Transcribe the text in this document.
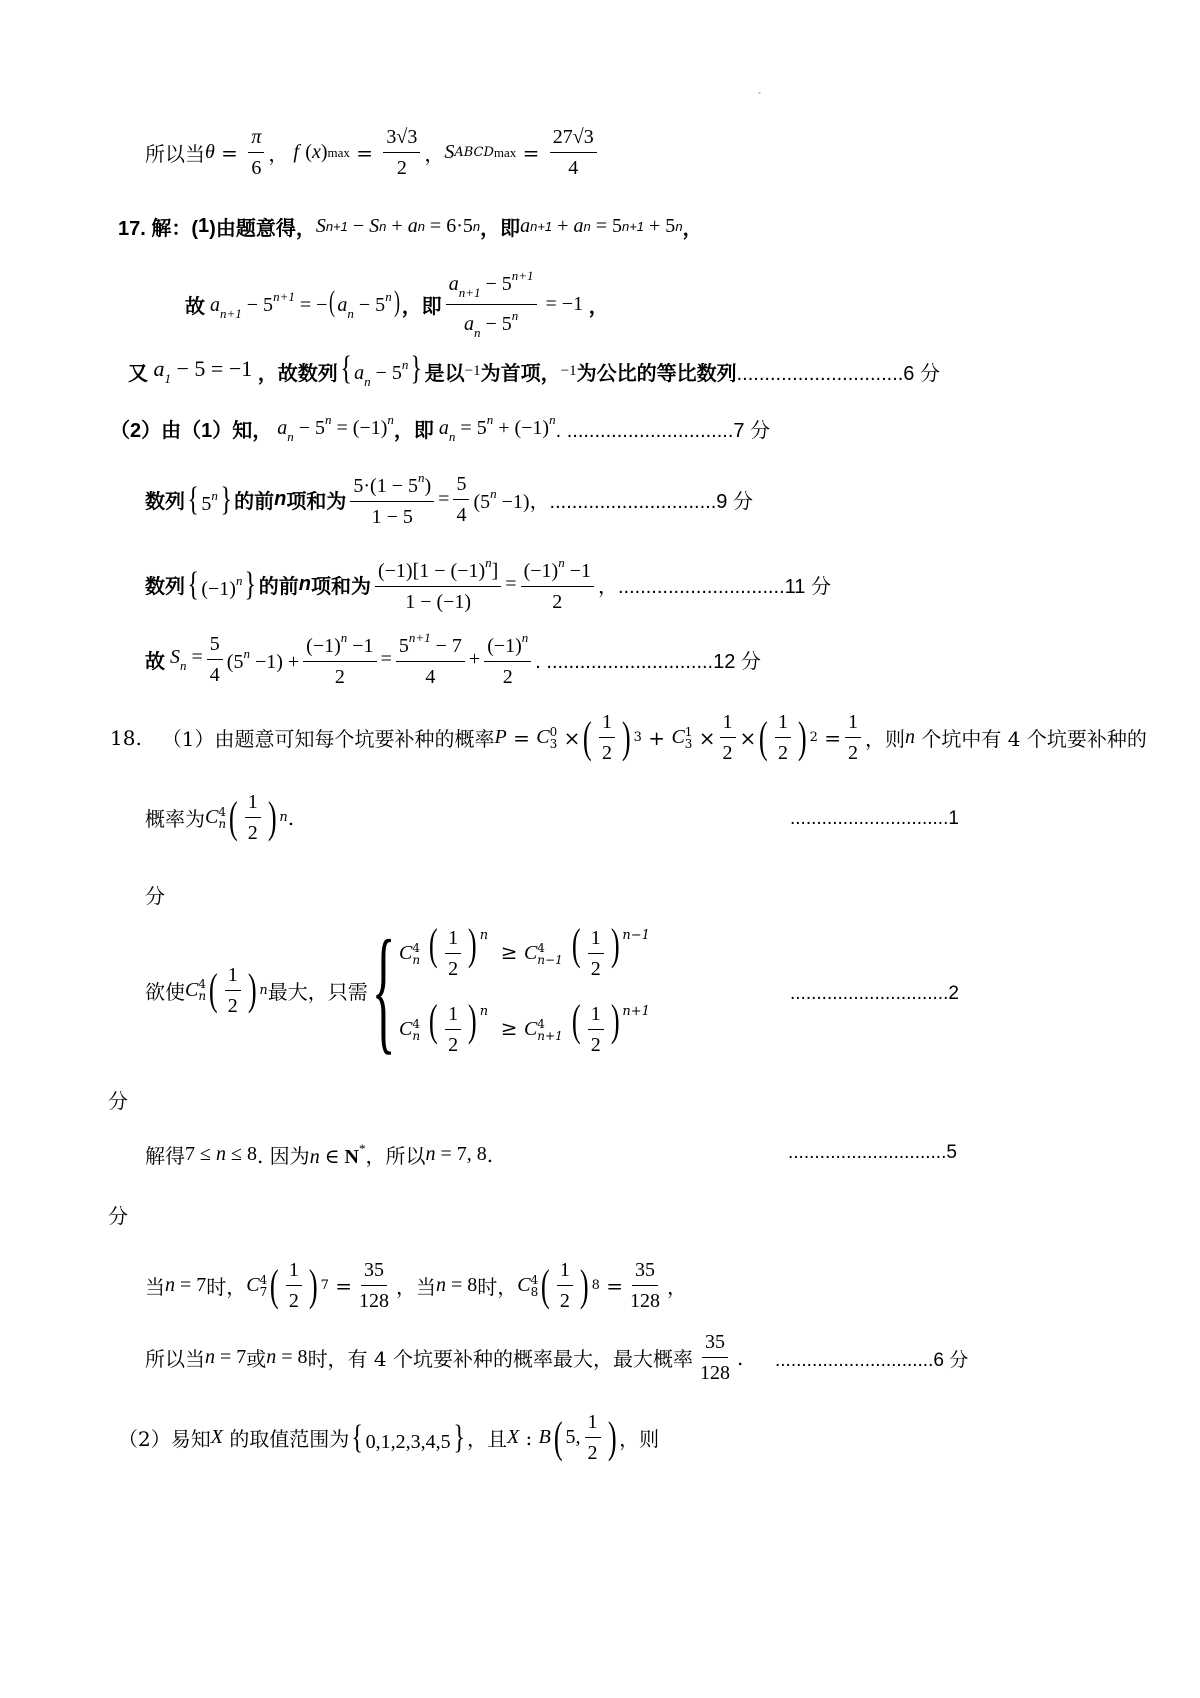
°
所以当 $\theta = \frac{\pi}{6}$ ， f
( x ) $\max = \frac{3√3}{2}$ ， S ABCD $\max = \frac{27√3}{4}$
17. 解：( 1 )由题意得， S n+1 − S n + a n = 6·5 n ，即 a n+1 + a n = 5 n+1 + 5 n ，
故 $a_{n+1} - 5^{n+1}$ = −( $a_n - 5^n$) ，即 $\frac{a_{n+1} - 5^{n+1}}{a_n - 5^n} = -1$ ，
又 $a_1 - 5 = -1$ ，故数列 { $a_n - 5^n$} 是以 −1 为首项， −1 为公比的等比数列 ..............................6 分
（2）由（1）知， $a_n - 5^n = (-1)^n$
，即 $a_n = 5^n + (-1)^n$
. ..............................7 分
数列 { 5$^n$} 的前 n 项和为 $\frac{5\cdot(1 - 5^n)}{1 - 5} = \frac{5}{4} (5^n -1)$ ，..............................9 分
数列 { $(-1)^n$} 的前 n 项和为 $\frac{(-1)[1 - (-1)^n]}{1 - (-1)} = \frac{(-1)^n -1}{2}$ ，..............................11 分
故 $S_n = \frac{5}{4} (5^n -1) + \frac{(-1)^n -1}{2} = \frac{5^{n+1} - 7}{4} + \frac{(-1)^n}{2}$ . ..............................12 分
18. （1）由题意可知每个坑要补种的概率 P = C 0
3 × ( $\frac{1}{2}$ ) 3 + C 1
$3 \times \frac{1}{2}$ × ( $\frac{1}{2}$ ) $2 = \frac{1}{2}$ ，则 n
个坑中有 4 个坑要补种的
概率为 C 4
n ( $\frac{1}{2}$ ) n .	..............................1
分
欲使 C 4
n ( $\frac{1}{2}$ ) n 最大，只需 { C 4
n ( $\frac{1}{2}$ ) $^n$  ≥ C 4
n−1 ( $\frac{1}{2}$ ) $^{n-1}$
C 4
n ( $\frac{1}{2}$ ) $^n$  ≥ C 4
n+1 ( $\frac{1}{2}$ ) $^{n+1}$
..............................2
分
解得 7 ≤ n ≤ 8 . 因为 n ∈ N* ，所以 n = 7, 8 .	..............................5
分
当 n = 7 时， C 4
7 ( $\frac{1}{2}$ ) $7 = \frac{35}{128}$ ，当 n = 8 时， C 4
8 ( $\frac{1}{2}$ ) $8 = \frac{35}{128}$ ，
所以当 n = 7 或 n = 8 时，有 4 个坑要补种的概率最大，最大概率 $\frac{35}{128}$ . ..............................6 分
（2）易知 X
的取值范围为 { 0,1,2,3,4,5} ，且 X : B ( 5, $\frac{1}{2}$ ) ，则
